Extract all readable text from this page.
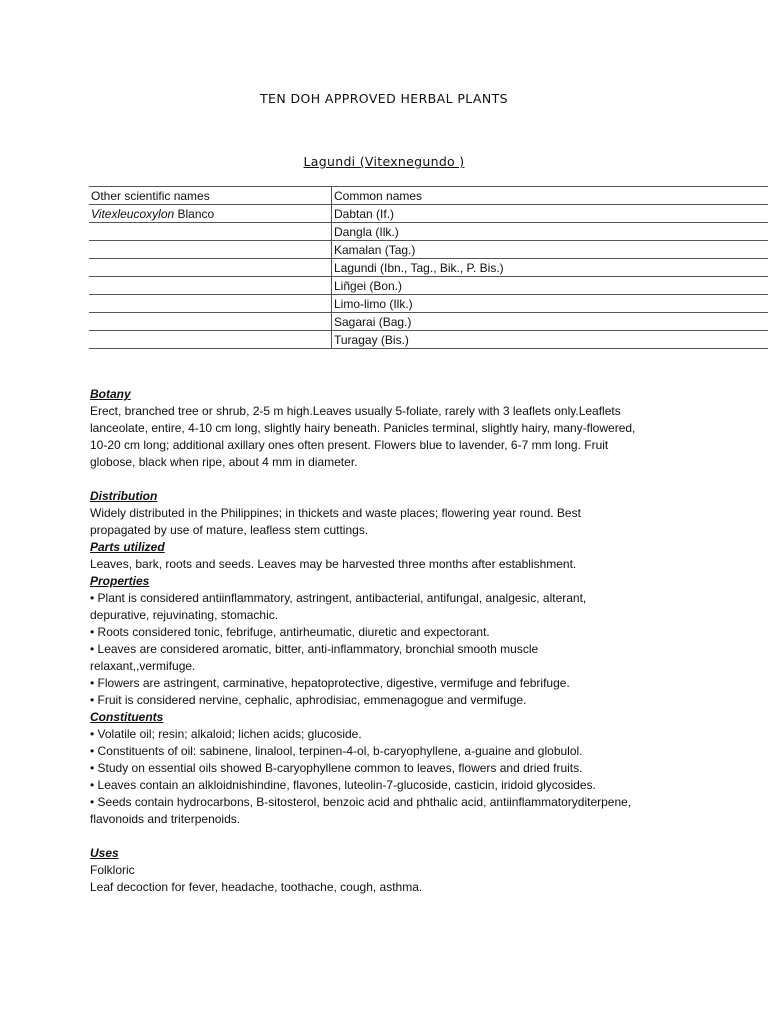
TEN DOH APPROVED HERBAL PLANTS
Lagundi (Vitexnegundo )
Other scientific names	Common names
Vitexleucoxylon Blanco	Dabtan (If.)
	Dangla (Ilk.)
	Kamalan (Tag.)
	Lagundi (Ibn., Tag., Bik., P. Bis.)
	Liñgei (Bon.)
	Limo-limo (Ilk.)
	Sagarai (Bag.)
	Turagay (Bis.)

Botany

Erect, branched tree or shrub, 2-5 m high.Leaves usually 5-foliate, rarely with 3 leaflets only.Leaflets

lanceolate, entire, 4-10 cm long, slightly hairy beneath. Panicles terminal, slightly hairy, many-flowered,

10-20 cm long; additional axillary ones often present. Flowers blue to lavender, 6-7 mm long. Fruit

globose, black when ripe, about 4 mm in diameter.

Distribution

Widely distributed in the Philippines; in thickets and waste places; flowering year round. Best

propagated by use of mature, leafless stem cuttings.

Parts utilized

Leaves, bark, roots and seeds. Leaves may be harvested three months after establishment.

Properties

• Plant is considered antiinflammatory, astringent, antibacterial, antifungal, analgesic, alterant,

depurative, rejuvinating, stomachic.

• Roots considered tonic, febrifuge, antirheumatic, diuretic and expectorant.

• Leaves are considered aromatic, bitter, anti-inflammatory, bronchial smooth muscle

relaxant,,vermifuge.

• Flowers are astringent, carminative, hepatoprotective, digestive, vermifuge and febrifuge.

• Fruit is considered nervine, cephalic, aphrodisiac, emmenagogue and vermifuge.

Constituents

• Volatile oil; resin; alkaloid; lichen acids; glucoside.

• Constituents of oil: sabinene, linalool, terpinen-4-ol, b-caryophyllene, a-guaine and globulol.

• Study on essential oils showed B-caryophyllene common to leaves, flowers and dried fruits.

• Leaves contain an alkloidnishindine, flavones, luteolin-7-glucoside, casticin, iridoid glycosides.

• Seeds contain hydrocarbons, B-sitosterol, benzoic acid and phthalic acid, antiinflammatoryditerpene,

flavonoids and triterpenoids.

Uses

Folkloric

Leaf decoction for fever, headache, toothache, cough, asthma.
